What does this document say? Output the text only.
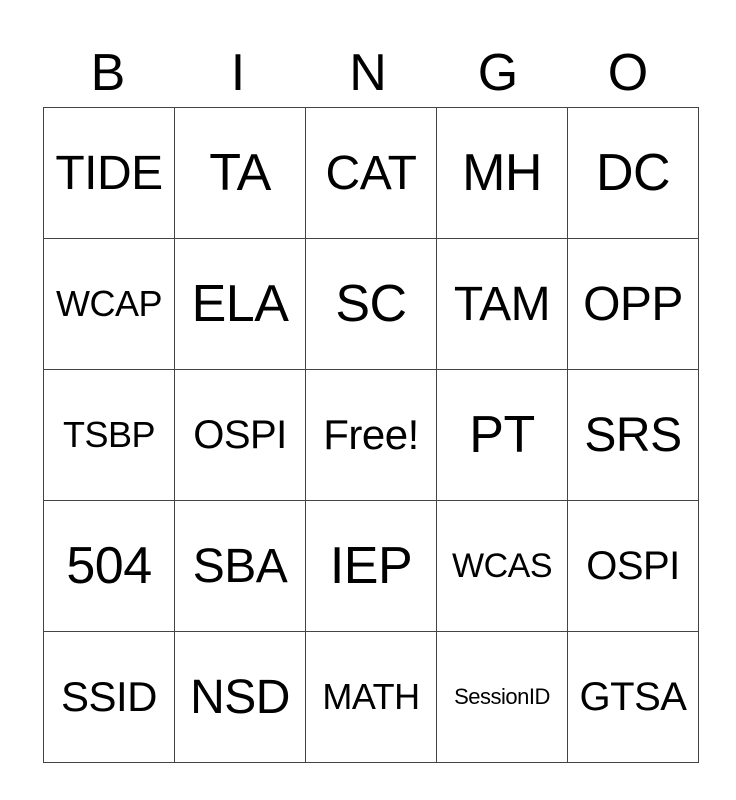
B	I	N	G	O
TIDE	TA	CAT	MH	DC
WCAP	ELA	SC	TAM	OPP
TSBP	OSPI	Free!	PT	SRS
504	SBA	IEP	WCAS	OSPI
SSID	NSD	MATH	SessionID	GTSA
